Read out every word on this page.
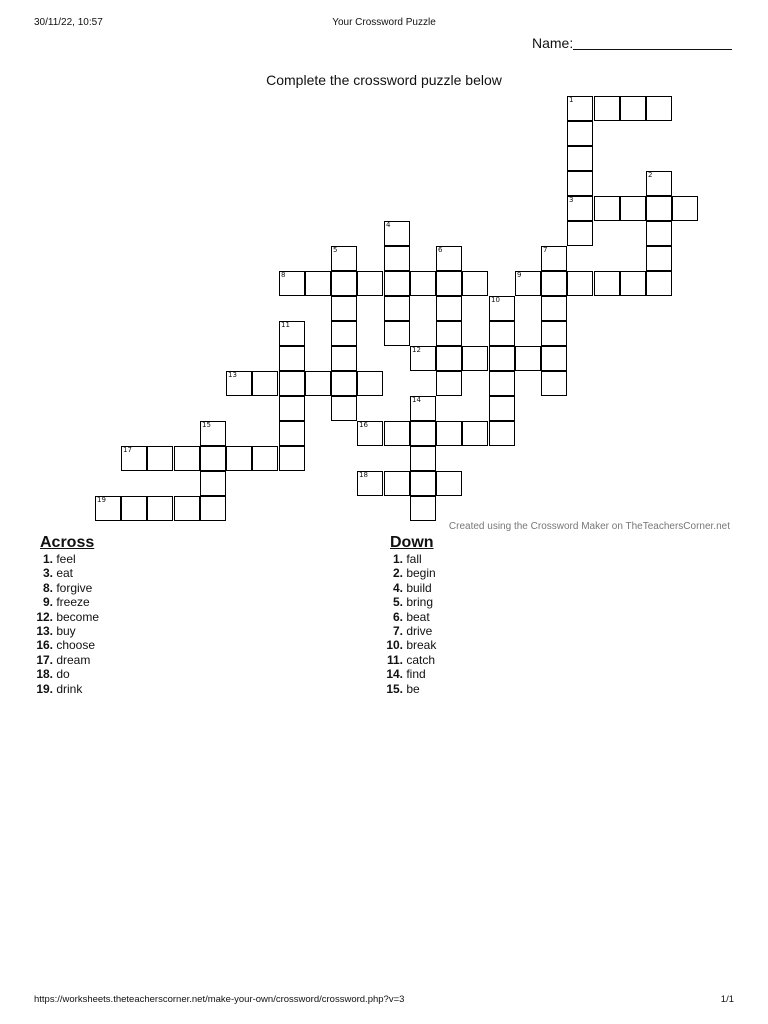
30/11/22, 10:57	Your Crossword Puzzle
Name:
Complete the crossword puzzle below
1
3
2
4
5	6	7
8	9
10
11
12
13
14
15	16
17
18
19
Created using the Crossword Maker on TheTeachersCorner.net
Across
1. feel
3. eat
8. forgive
9. freeze
12. become
13. buy
16. choose
17. dream
18. do
19. drink
Down
1. fall
2. begin
4. build
5. bring
6. beat
7. drive
10. break
11. catch
14. find
15. be
https://worksheets.theteacherscorner.net/make-your-own/crossword/crossword.php?v=3	1/1
